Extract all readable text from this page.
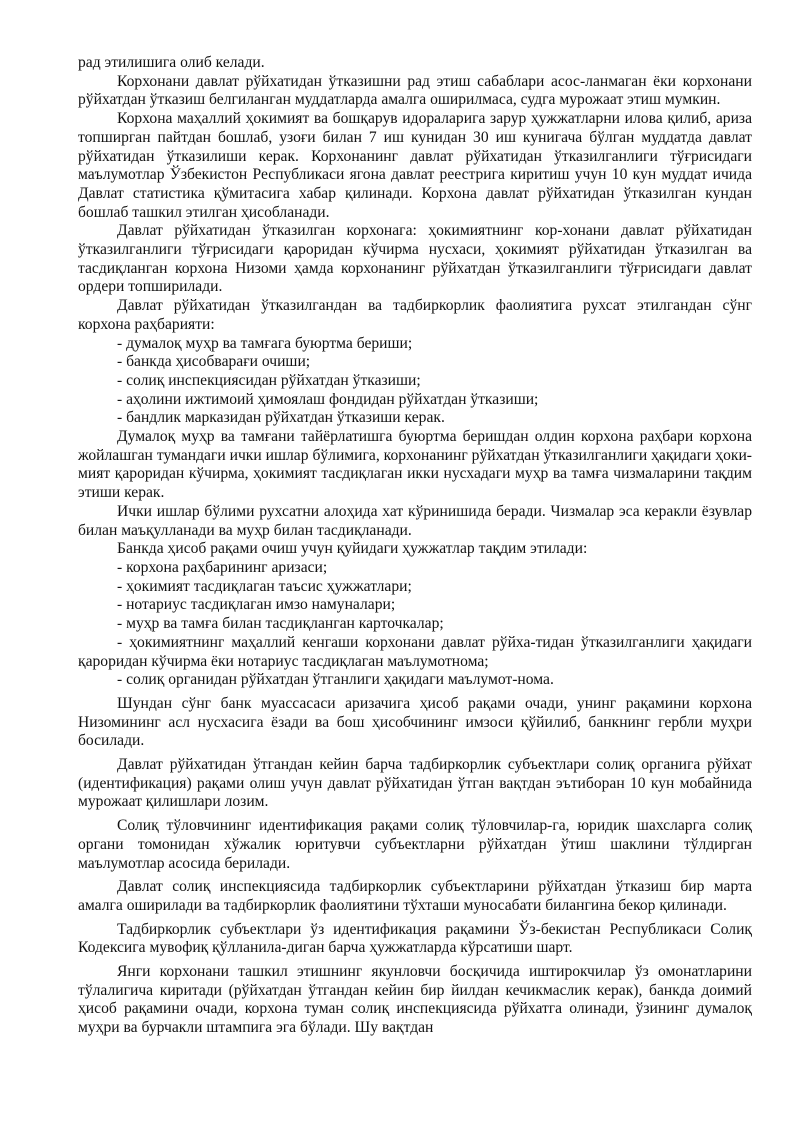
рад этилишига олиб келади.

Корхонани давлат рўйхатидан ўтказишни рад этиш сабаблари асос-ланмаган ёки корхонани рўйхатдан ўтказиш белгиланган муддатларда амалга оширилмаса, судга мурожаат этиш мумкин.

Корхона маҳаллий ҳокимият ва бошқарув идораларига зарур ҳужжатларни илова қилиб, ариза топширган пайтдан бошлаб, узоғи билан 7 иш кунидан 30 иш кунигача бўлган муддатда давлат рўйхатидан ўтказилиши керак. Корхонанинг давлат рўйхатидан ўтказилганлиги тўғрисидаги маълумотлар Ўзбекистон Республикаси ягона давлат реестрига киритиш учун 10 кун муддат ичида Давлат статистика қўмитасига хабар қилинади. Корхона давлат рўйхатидан ўтказилган кундан бошлаб ташкил этилган ҳисобланади.

Давлат рўйхатидан ўтказилган корхонага: ҳокимиятнинг кор-хонани давлат рўйхатидан ўтказилганлиги тўғрисидаги қароридан кўчирма нусхаси, ҳокимият рўйхатидан ўтказилган ва тасдиқланган корхона Низоми ҳамда корхонанинг рўйхатдан ўтказилганлиги тўғрисидаги давлат ордери топширилади.

Давлат рўйхатидан ўтказилгандан ва тадбиркорлик фаолиятига рухсат этилгандан сўнг корхона раҳбарияти:

- думалоқ муҳр ва тамғага буюртма бериши;

- банкда ҳисобварағи очиши;

- солиқ инспекциясидан рўйхатдан ўтказиши;

- аҳолини ижтимоий ҳимоялаш фондидан рўйхатдан ўтказиши;

- бандлик марказидан рўйхатдан ўтказиши керак.

Думалоқ муҳр ва тамғани тайёрлатишга буюртма беришдан олдин корхона раҳбари корхона жойлашган тумандаги ички ишлар бўлимига, корхонанинг рўйхатдан ўтказилганлиги ҳақидаги ҳоки-мият қароридан кўчирма, ҳокимият тасдиқлаган икки нусхадаги муҳр ва тамға чизмаларини тақдим этиши керак.

Ички ишлар бўлими рухсатни алоҳида хат кўринишида беради. Чизмалар эса керакли ёзувлар билан маъқулланади ва муҳр билан тасдиқланади.

Банкда ҳисоб рақами очиш учун қуйидаги ҳужжатлар тақдим этилади:

- корхона раҳбарининг аризаси;

- ҳокимият тасдиқлаган таъсис ҳужжатлари;

- нотариус тасдиқлаган имзо намуналари;

- муҳр ва тамға билан тасдиқланган карточкалар;

- ҳокимиятнинг маҳаллий кенгаши корхонани давлат рўйха-тидан ўтказилганлиги ҳақидаги қароридан кўчирма ёки нотариус тасдиқлаган маълумотнома;

- солиқ органидан рўйхатдан ўтганлиги ҳақидаги маълумот-нома.

Шундан сўнг банк муассасаси аризачига ҳисоб рақами очади, унинг рақамини корхона Низомининг асл нусхасига ёзади ва бош ҳисобчининг имзоси қўйилиб, банкнинг гербли муҳри босилади.

Давлат рўйхатидан ўтгандан кейин барча тадбиркорлик субъектлари солиқ органига рўйхат (идентификация) рақами олиш учун давлат рўйхатидан ўтган вақтдан эътиборан 10 кун мобайнида мурожаат қилишлари лозим.

Солиқ тўловчининг идентификация рақами солиқ тўловчилар-га, юридик шахсларга солиқ органи томонидан хўжалик юритувчи субъектларни рўйхатдан ўтиш шаклини тўлдирган маълумотлар асосида берилади.

Давлат солиқ инспекциясида тадбиркорлик субъектларини рўйхатдан ўтказиш бир марта амалга оширилади ва тадбиркорлик фаолиятини тўхташи муносабати билангина бекор қилинади.

Тадбиркорлик субъектлари ўз идентификация рақамини Ўз-бекистан Республикаси Солиқ Кодексига мувофиқ қўлланила-диган барча ҳужжатларда кўрсатиши шарт.

Янги корхонани ташкил этишнинг якунловчи босқичида иштирокчилар ўз омонатларини тўлалигича киритади (рўйхатдан ўтгандан кейин бир йилдан кечикмаслик керак), банкда доимий ҳисоб рақамини очади, корхона туман солиқ инспекциясида рўйхатга олинади, ўзининг думалоқ муҳри ва бурчакли штампига эга бўлади. Шу вақтдан
